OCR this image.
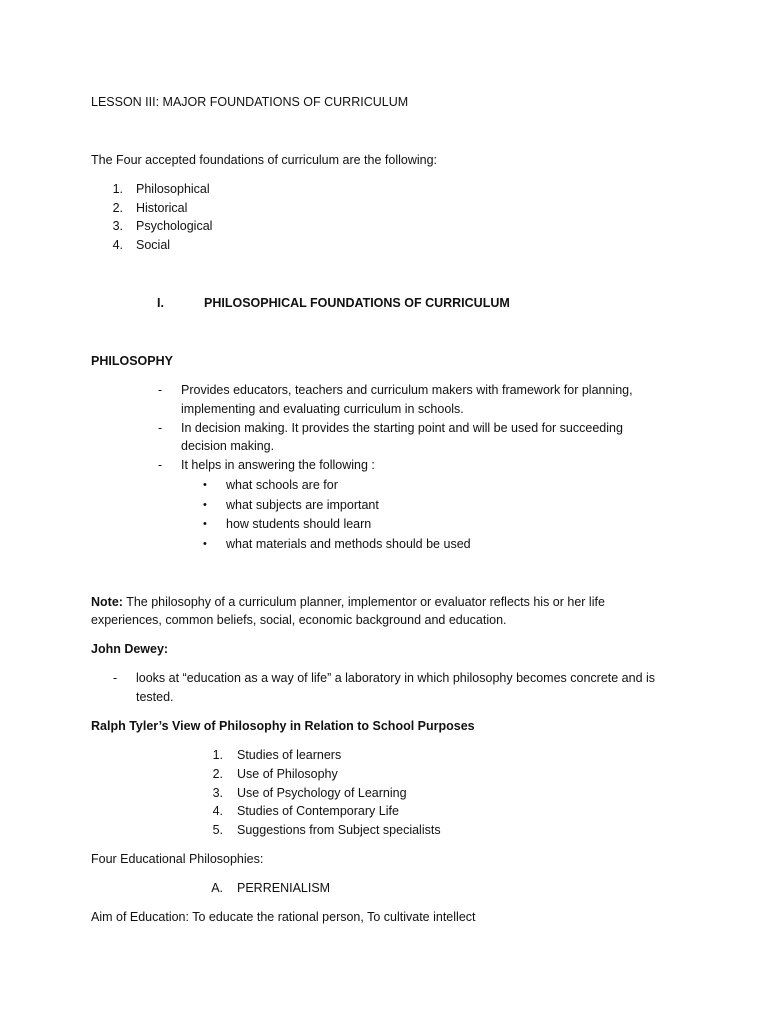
LESSON III: MAJOR FOUNDATIONS OF CURRICULUM
The Four accepted foundations of curriculum are the following:
1. Philosophical
2. Historical
3. Psychological
4. Social
I.	PHILOSOPHICAL FOUNDATIONS OF CURRICULUM
PHILOSOPHY
- Provides educators, teachers and curriculum makers with framework for planning,
implementing and evaluating curriculum in schools.
- In decision making. It provides the starting point and will be used for succeeding
decision making.
- It helps in answering the following :
• what schools are for
• what subjects are important
• how students should learn
• what materials and methods should be used
Note: The philosophy of a curriculum planner, implementor or evaluator reflects his or her life
experiences, common beliefs, social, economic background and education.
John Dewey:
- looks at “education as a way of life” a laboratory in which philosophy becomes concrete and is
tested.
Ralph Tyler’s View of Philosophy in Relation to School Purposes
1. Studies of learners
2. Use of Philosophy
3. Use of Psychology of Learning
4. Studies of Contemporary Life
5. Suggestions from Subject specialists
Four Educational Philosophies:
A. PERRENIALISM
Aim of Education: To educate the rational person, To cultivate intellect
